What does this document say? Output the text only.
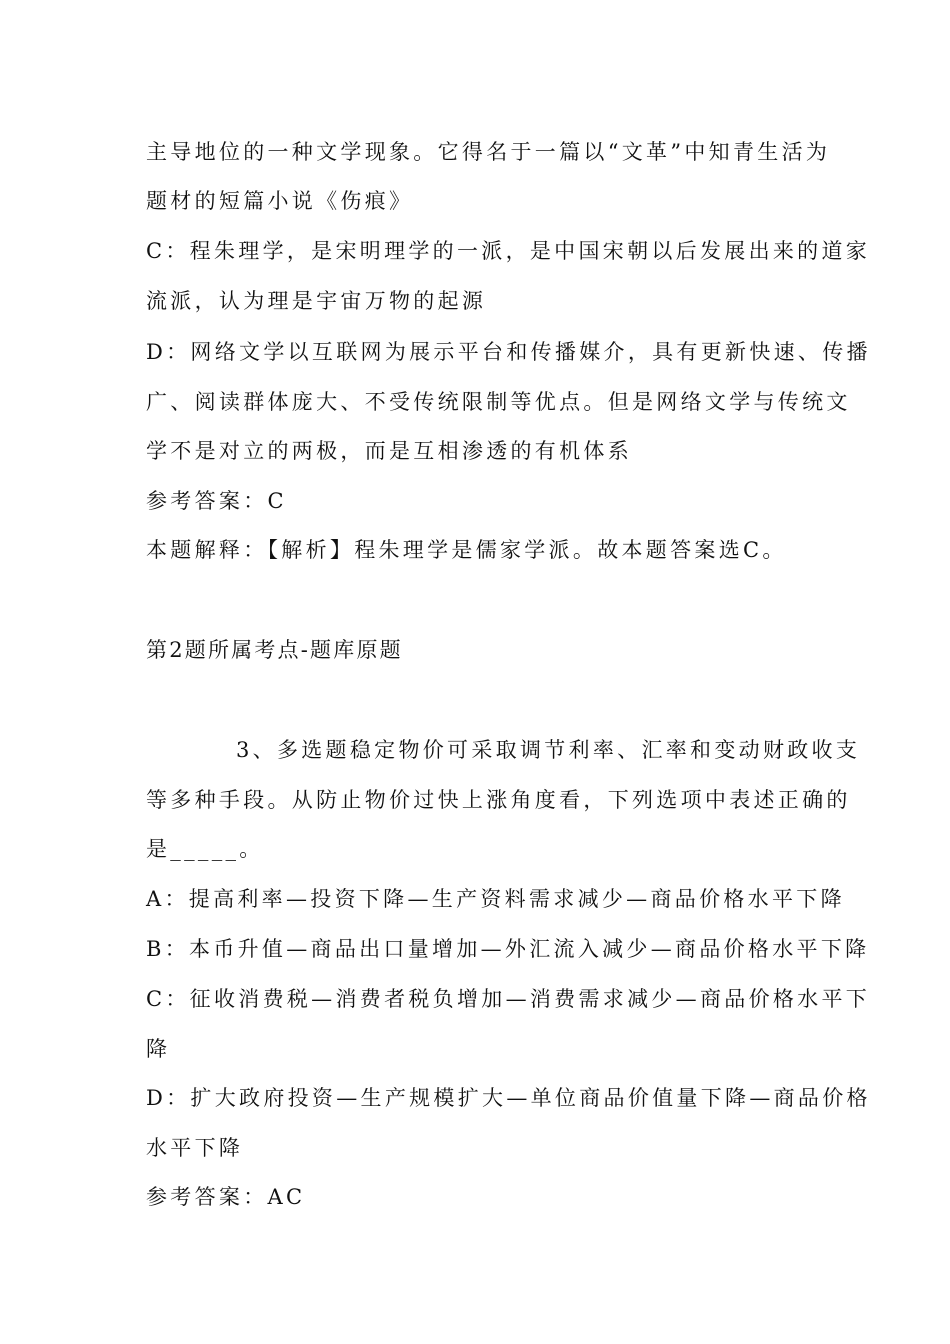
主导地位的一种文学现象。它得名于一篇以“文革”中知青生活为
题材的短篇小说《伤痕》
C：程朱理学，是宋明理学的一派，是中国宋朝以后发展出来的道家
流派，认为理是宇宙万物的起源
D：网络文学以互联网为展示平台和传播媒介，具有更新快速、传播
广、阅读群体庞大、不受传统限制等优点。但是网络文学与传统文
学不是对立的两极，而是互相渗透的有机体系
参考答案：C
本题解释：【解析】程朱理学是儒家学派。故本题答案选C。
第2题所属考点-题库原题
3、多选题稳定物价可采取调节利率、汇率和变动财政收支
等多种手段。从防止物价过快上涨角度看，下列选项中表述正确的
是_____。
A：提高利率—投资下降—生产资料需求减少—商品价格水平下降
B：本币升值—商品出口量增加—外汇流入减少—商品价格水平下降
C：征收消费税—消费者税负增加—消费需求减少—商品价格水平下
降
D：扩大政府投资—生产规模扩大—单位商品价值量下降—商品价格
水平下降
参考答案：AC
